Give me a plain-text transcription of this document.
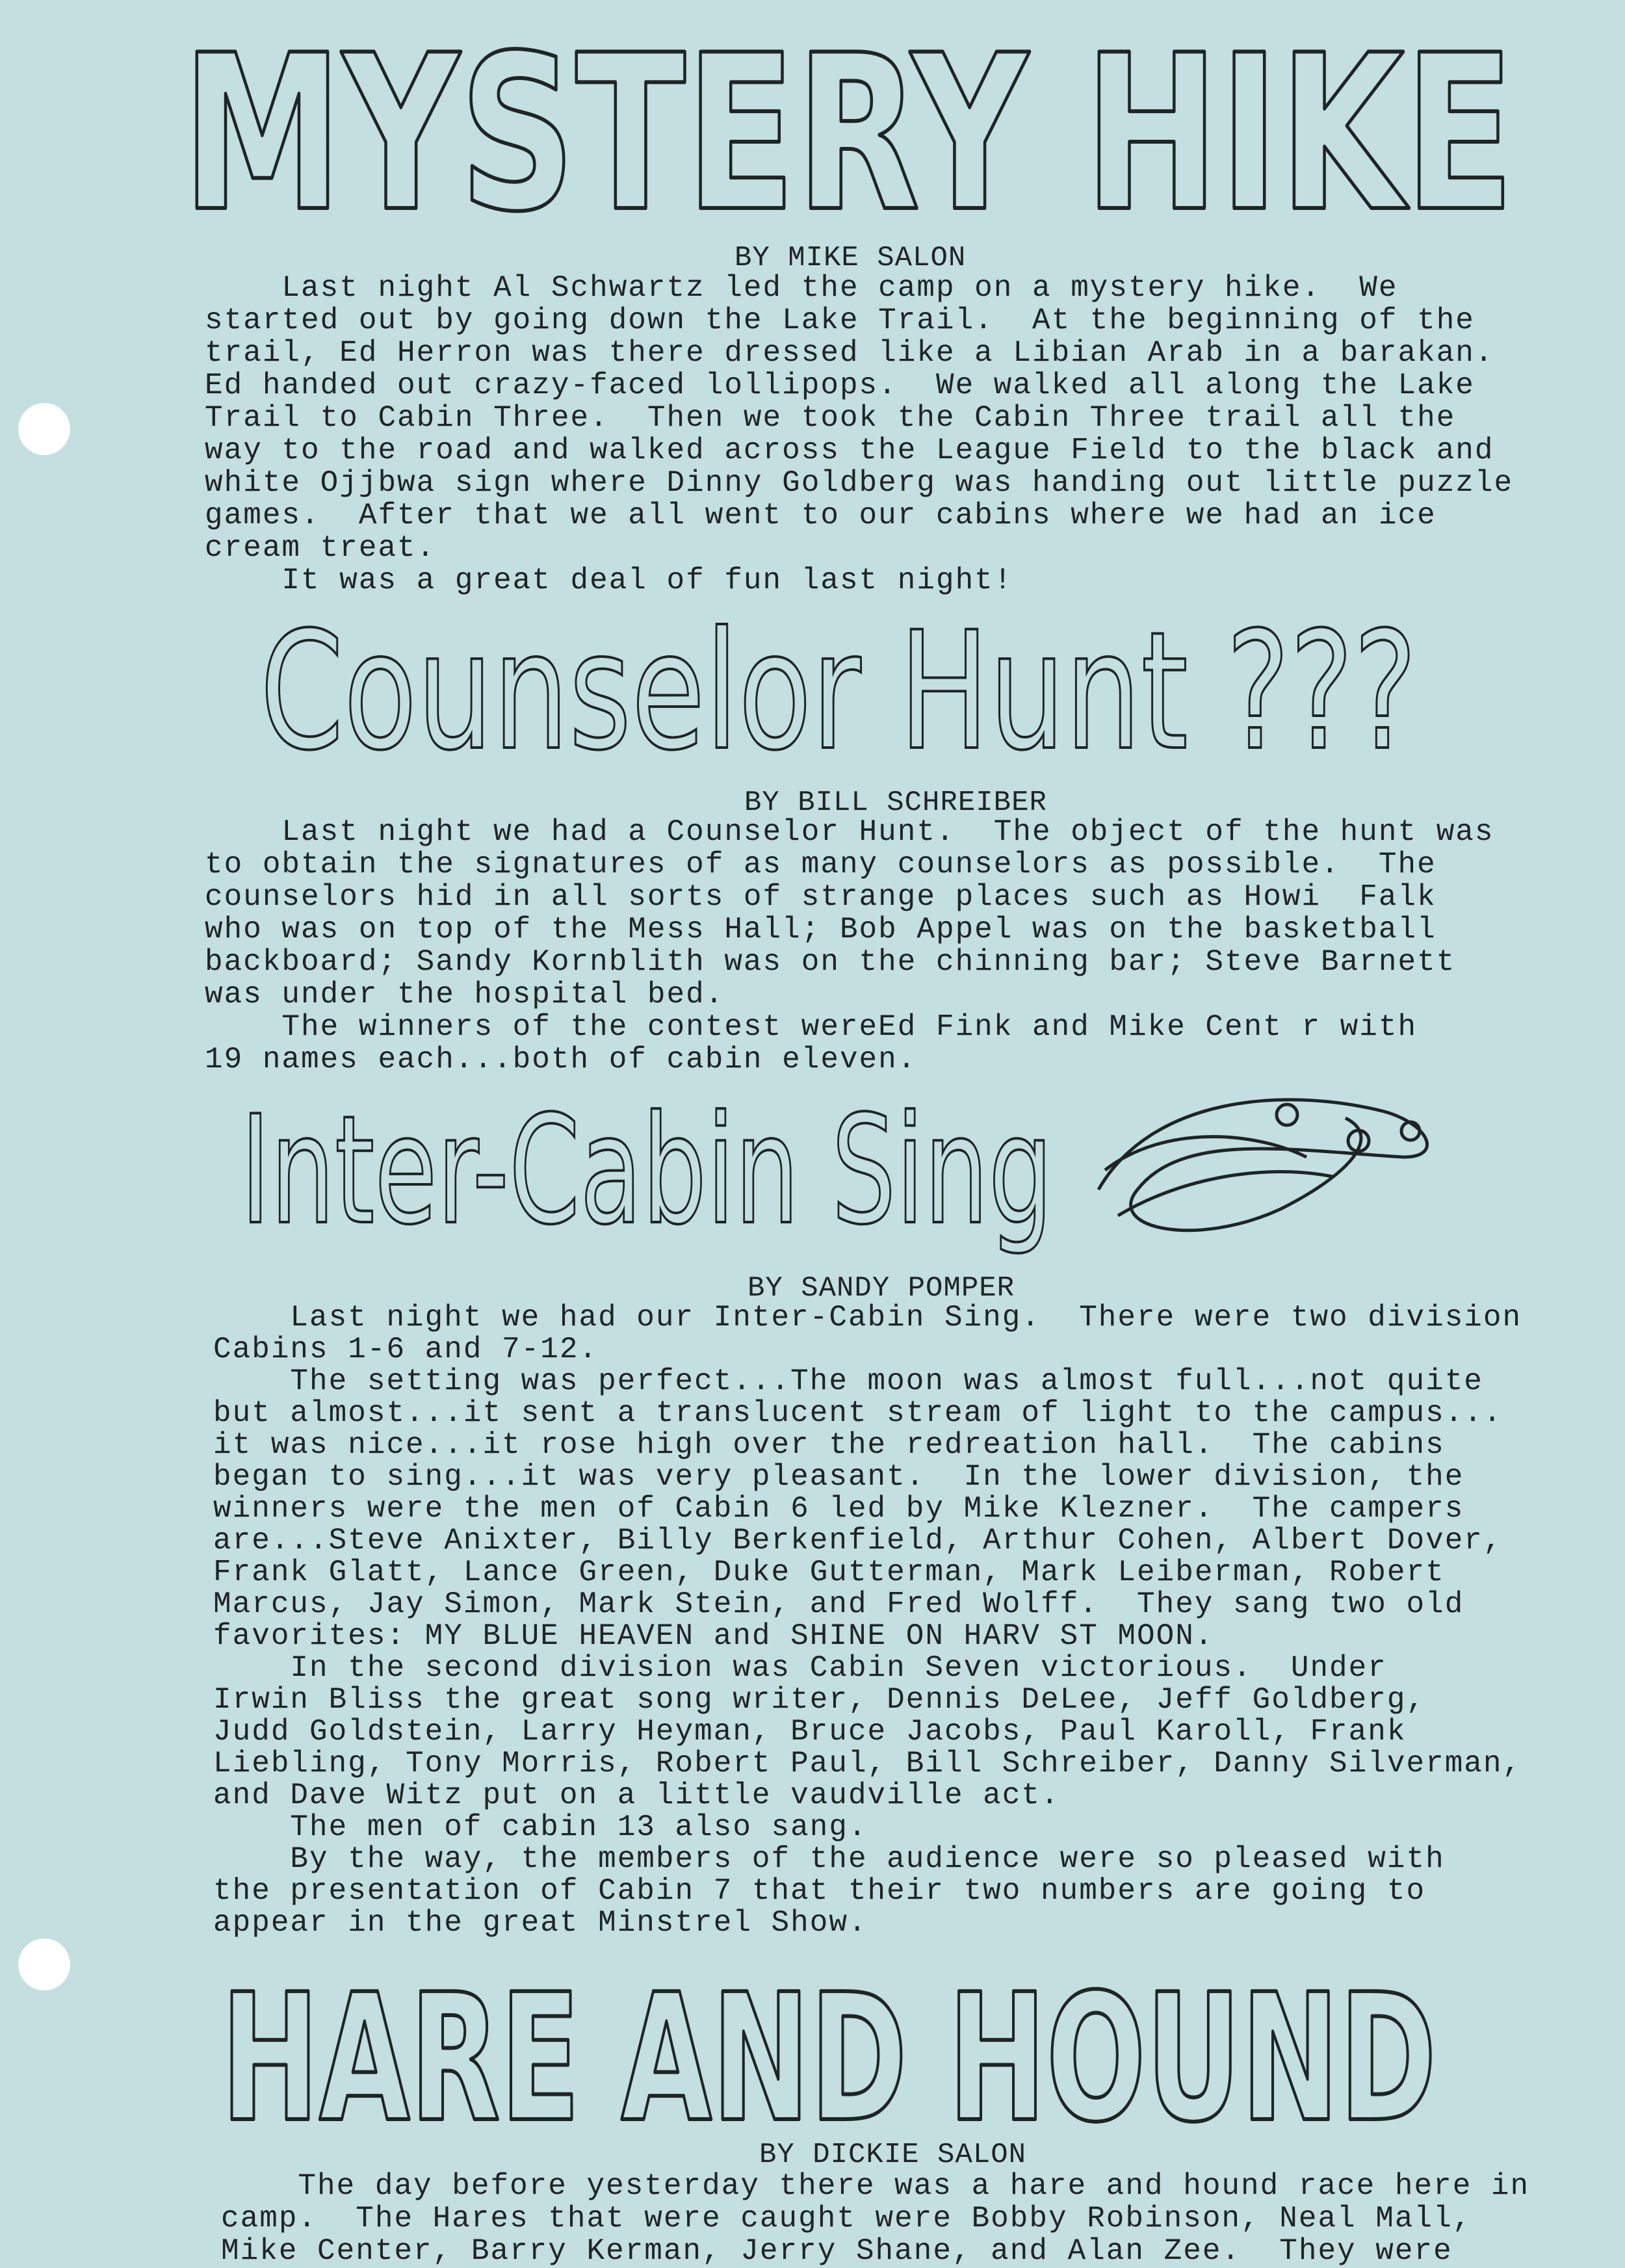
MYSTERY HIKE
BY MIKE SALON
Last night Al Schwartz led the camp on a mystery hike.  We
started out by going down the Lake Trail.  At the beginning of the
trail, Ed Herron was there dressed like a Libian Arab in a barakan.
Ed handed out crazy-faced lollipops.  We walked all along the Lake
Trail to Cabin Three.  Then we took the Cabin Three trail all the
way to the road and walked across the League Field to the black and
white Ojjbwa sign where Dinny Goldberg was handing out little puzzle
games.  After that we all went to our cabins where we had an ice
cream treat.
It was a great deal of fun last night!
Counselor Hunt ???
BY BILL SCHREIBER
Last night we had a Counselor Hunt.  The object of the hunt was
to obtain the signatures of as many counselors as possible.  The
counselors hid in all sorts of strange places such as Howi  Falk
who was on top of the Mess Hall; Bob Appel was on the basketball
backboard; Sandy Kornblith was on the chinning bar; Steve Barnett
was under the hospital bed.
The winners of the contest wereEd Fink and Mike Cent r with
19 names each...both of cabin eleven.
Inter-Cabin Sing
BY SANDY POMPER
Last night we had our Inter-Cabin Sing.  There were two division
Cabins 1-6 and 7-12.
The setting was perfect...The moon was almost full...not quite
but almost...it sent a translucent stream of light to the campus...
it was nice...it rose high over the redreation hall.  The cabins
began to sing...it was very pleasant.  In the lower division, the
winners were the men of Cabin 6 led by Mike Klezner.  The campers
are...Steve Anixter, Billy Berkenfield, Arthur Cohen, Albert Dover,
Frank Glatt, Lance Green, Duke Gutterman, Mark Leiberman, Robert
Marcus, Jay Simon, Mark Stein, and Fred Wolff.  They sang two old
favorites: MY BLUE HEAVEN and SHINE ON HARV ST MOON.
In the second division was Cabin Seven victorious.  Under
Irwin Bliss the great song writer, Dennis DeLee, Jeff Goldberg,
Judd Goldstein, Larry Heyman, Bruce Jacobs, Paul Karoll, Frank
Liebling, Tony Morris, Robert Paul, Bill Schreiber, Danny Silverman,
and Dave Witz put on a little vaudville act.
The men of cabin 13 also sang.
By the way, the members of the audience were so pleased with
the presentation of Cabin 7 that their two numbers are going to
appear in the great Minstrel Show.
HARE AND HOUND
BY DICKIE SALON
The day before yesterday there was a hare and hound race here in
camp.  The Hares that were caught were Bobby Robinson, Neal Mall,
Mike Center, Barry Kerman, Jerry Shane, and Alan Zee.  They were
